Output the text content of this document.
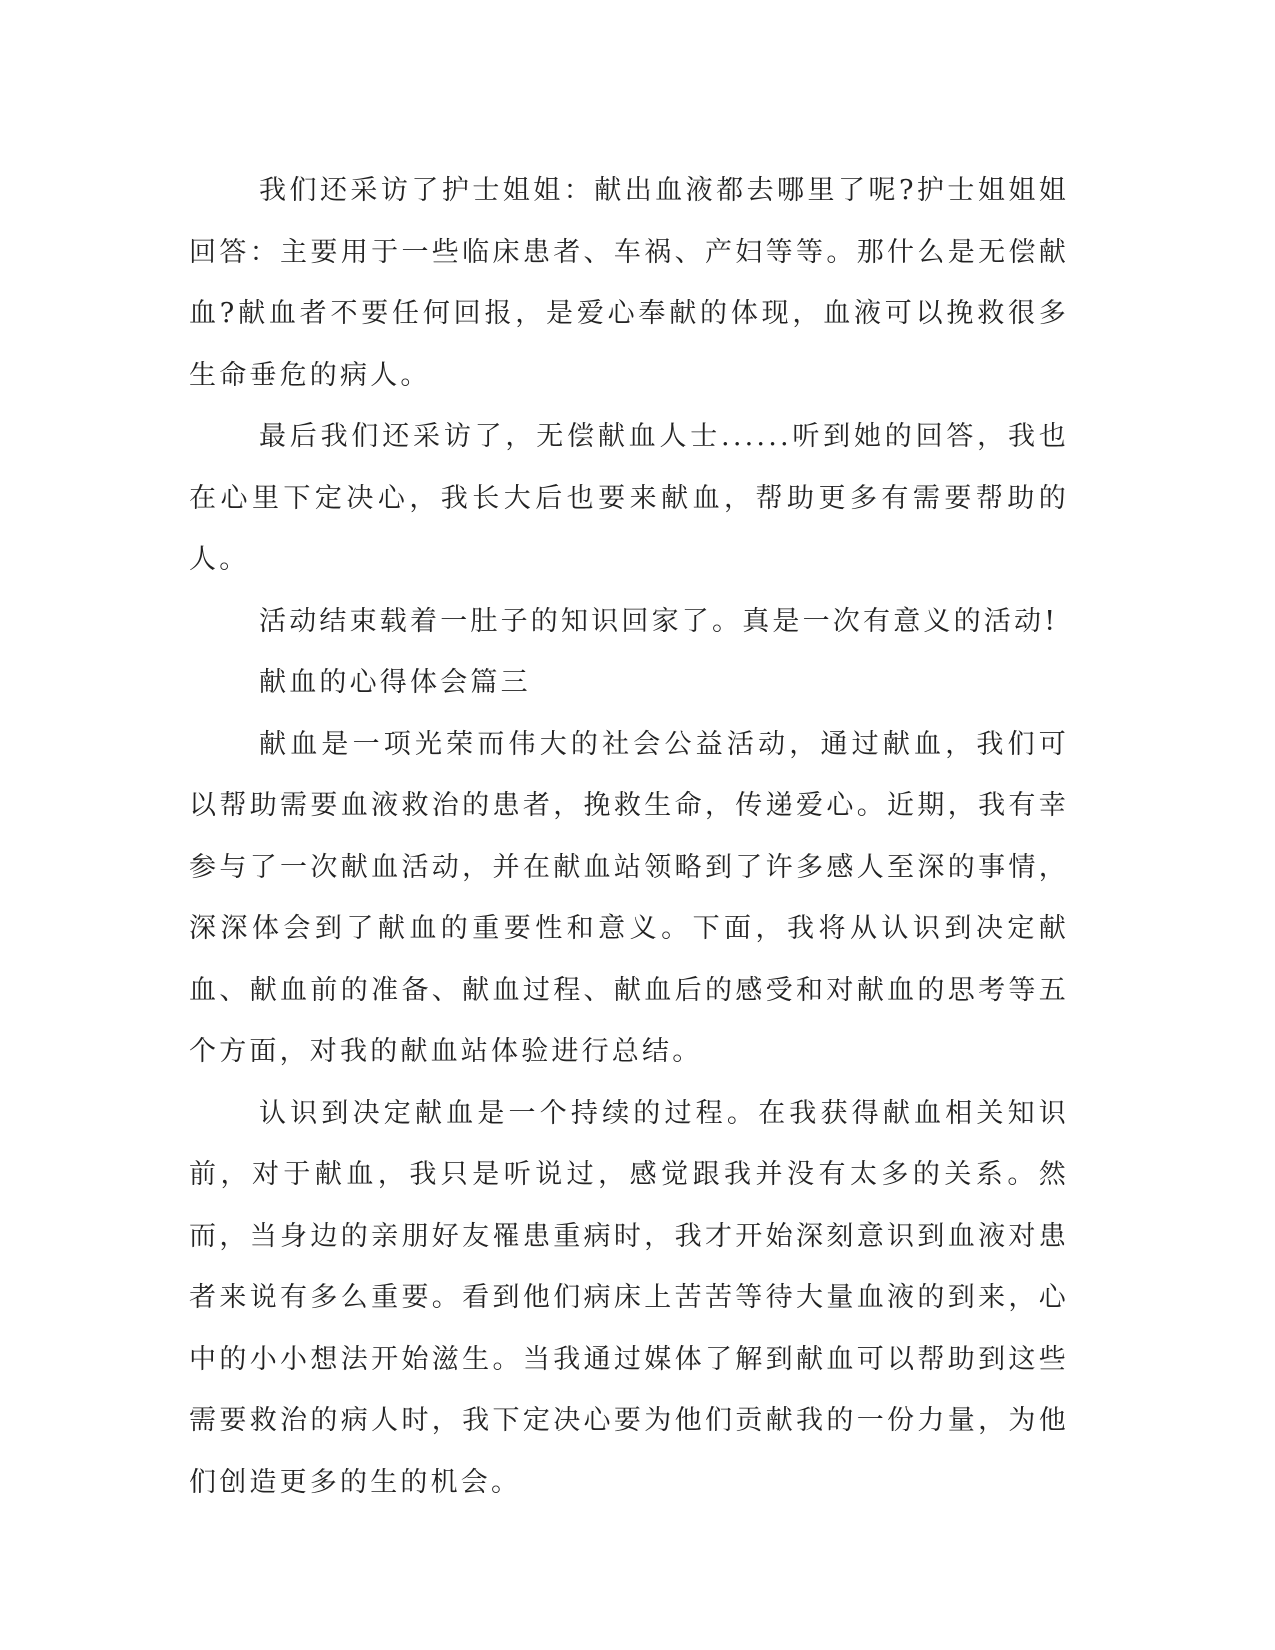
我们还采访了护士姐姐：献出血液都去哪里了呢?护士姐姐姐回答：主要用于一些临床患者、车祸、产妇等等。那什么是无偿献血?献血者不要任何回报，是爱心奉献的体现，血液可以挽救很多生命垂危的病人。

最后我们还采访了，无偿献血人士......听到她的回答，我也在心里下定决心，我长大后也要来献血，帮助更多有需要帮助的人。

活动结束载着一肚子的知识回家了。真是一次有意义的活动!

献血的心得体会篇三

献血是一项光荣而伟大的社会公益活动，通过献血，我们可以帮助需要血液救治的患者，挽救生命，传递爱心。近期，我有幸参与了一次献血活动，并在献血站领略到了许多感人至深的事情，深深体会到了献血的重要性和意义。下面，我将从认识到决定献血、献血前的准备、献血过程、献血后的感受和对献血的思考等五个方面，对我的献血站体验进行总结。

认识到决定献血是一个持续的过程。在我获得献血相关知识前，对于献血，我只是听说过，感觉跟我并没有太多的关系。然而，当身边的亲朋好友罹患重病时，我才开始深刻意识到血液对患者来说有多么重要。看到他们病床上苦苦等待大量血液的到来，心中的小小想法开始滋生。当我通过媒体了解到献血可以帮助到这些需要救治的病人时，我下定决心要为他们贡献我的一份力量，为他们创造更多的生的机会。
